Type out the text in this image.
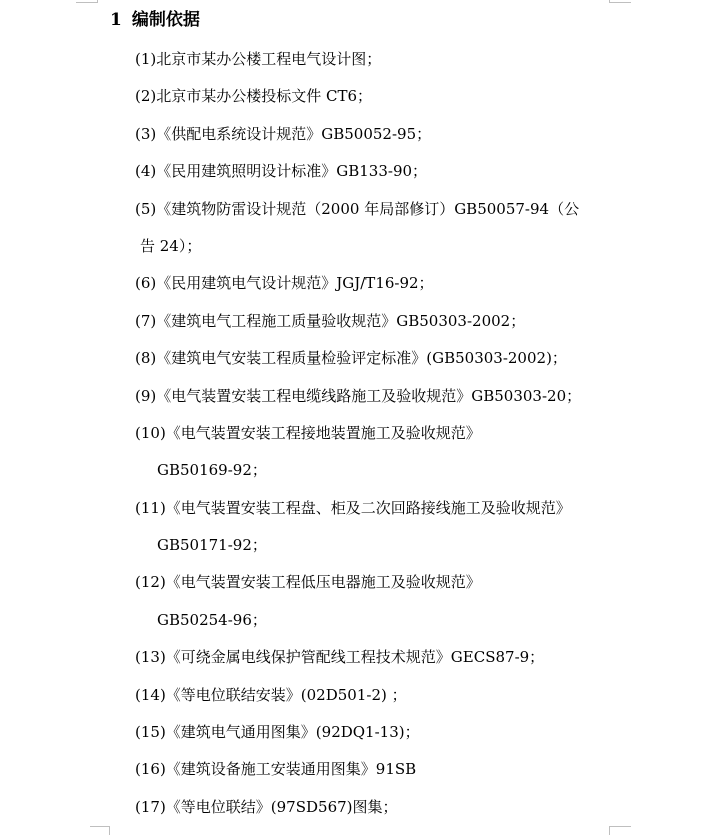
1 编制依据
(1)北京市某办公楼工程电气设计图；
(2)北京市某办公楼投标文件 CT6；
(3)《供配电系统设计规范》GB50052-95；
(4)《民用建筑照明设计标准》GB133-90；
(5)《建筑物防雷设计规范（2000 年局部修订）GB50057-94（公
告 24）；
(6)《民用建筑电气设计规范》JGJ/T16-92；
(7)《建筑电气工程施工质量验收规范》GB50303-2002；
(8)《建筑电气安装工程质量检验评定标准》(GB50303-2002)；
(9)《电气装置安装工程电缆线路施工及验收规范》GB50303-20；
(10)《电气装置安装工程接地装置施工及验收规范》
GB50169-92；
(11)《电气装置安装工程盘、柜及二次回路接线施工及验收规范》
GB50171-92；
(12)《电气装置安装工程低压电器施工及验收规范》
GB50254-96；
(13)《可绕金属电线保护管配线工程技术规范》GECS87-9；
(14)《等电位联结安装》(02D501-2) ；
(15)《建筑电气通用图集》(92DQ1-13)；
(16)《建筑设备施工安装通用图集》91SB
(17)《等电位联结》(97SD567)图集；
